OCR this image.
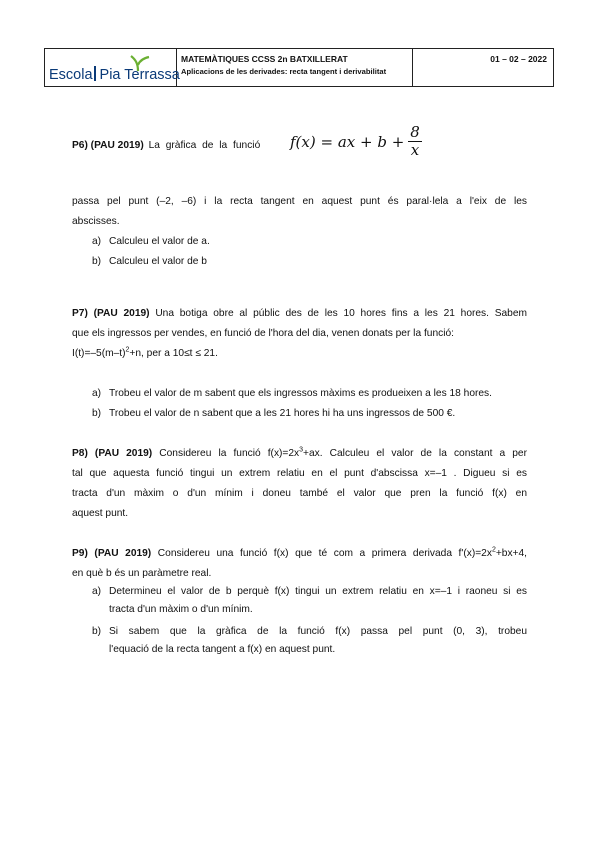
Escola Pia Terrassa
MATEMÀTIQUES CCSS 2n BATXILLERAT
Aplicacions de les derivades: recta tangent i derivabilitat
01 – 02 – 2022
P6) (PAU 2019) La gràfica de la funció f(x) = ax + $b + \frac{8}{x}$
passa pel punt (–2, –6) i la recta tangent en aquest punt és paral·lela a l'eix de les
abscisses.
a) Calculeu el valor de a.
b) Calculeu el valor de b
P7) (PAU 2019) Una botiga obre al públic des de les 10 hores fins a les 21 hores. Sabem
que els ingressos per vendes, en funció de l'hora del dia, venen donats per la funció:
$I(t)=-5(m-t)^2+n$, per a 10≤t ≤ 21.
a) Trobeu el valor de m sabent que els ingressos màxims es produeixen a les 18 hores.
b) Trobeu el valor de n sabent que a les 21 hores hi ha uns ingressos de 500 €.
P8) (PAU 2019) Considereu la funció $f(x)=2x^3+ax$. Calculeu el valor de la constant a per
tal que aquesta funció tingui un extrem relatiu en el punt d'abscissa x=–1 . Digueu si es
tracta d'un màxim o d'un mínim i doneu també el valor que pren la funció f(x) en
aquest punt.
P9) (PAU 2019) Considereu una funció f(x) que té com a primera derivada $f'(x)=2x^2+bx+4$,
en què b és un paràmetre real.
a) Determineu el valor de b perquè f(x) tingui un extrem relatiu en x=–1 i raoneu si es
tracta d'un màxim o d'un mínim.
b) Si sabem que la gràfica de la funció f(x) passa pel punt (0, 3), trobeu
l'equació de la recta tangent a f(x) en aquest punt.
